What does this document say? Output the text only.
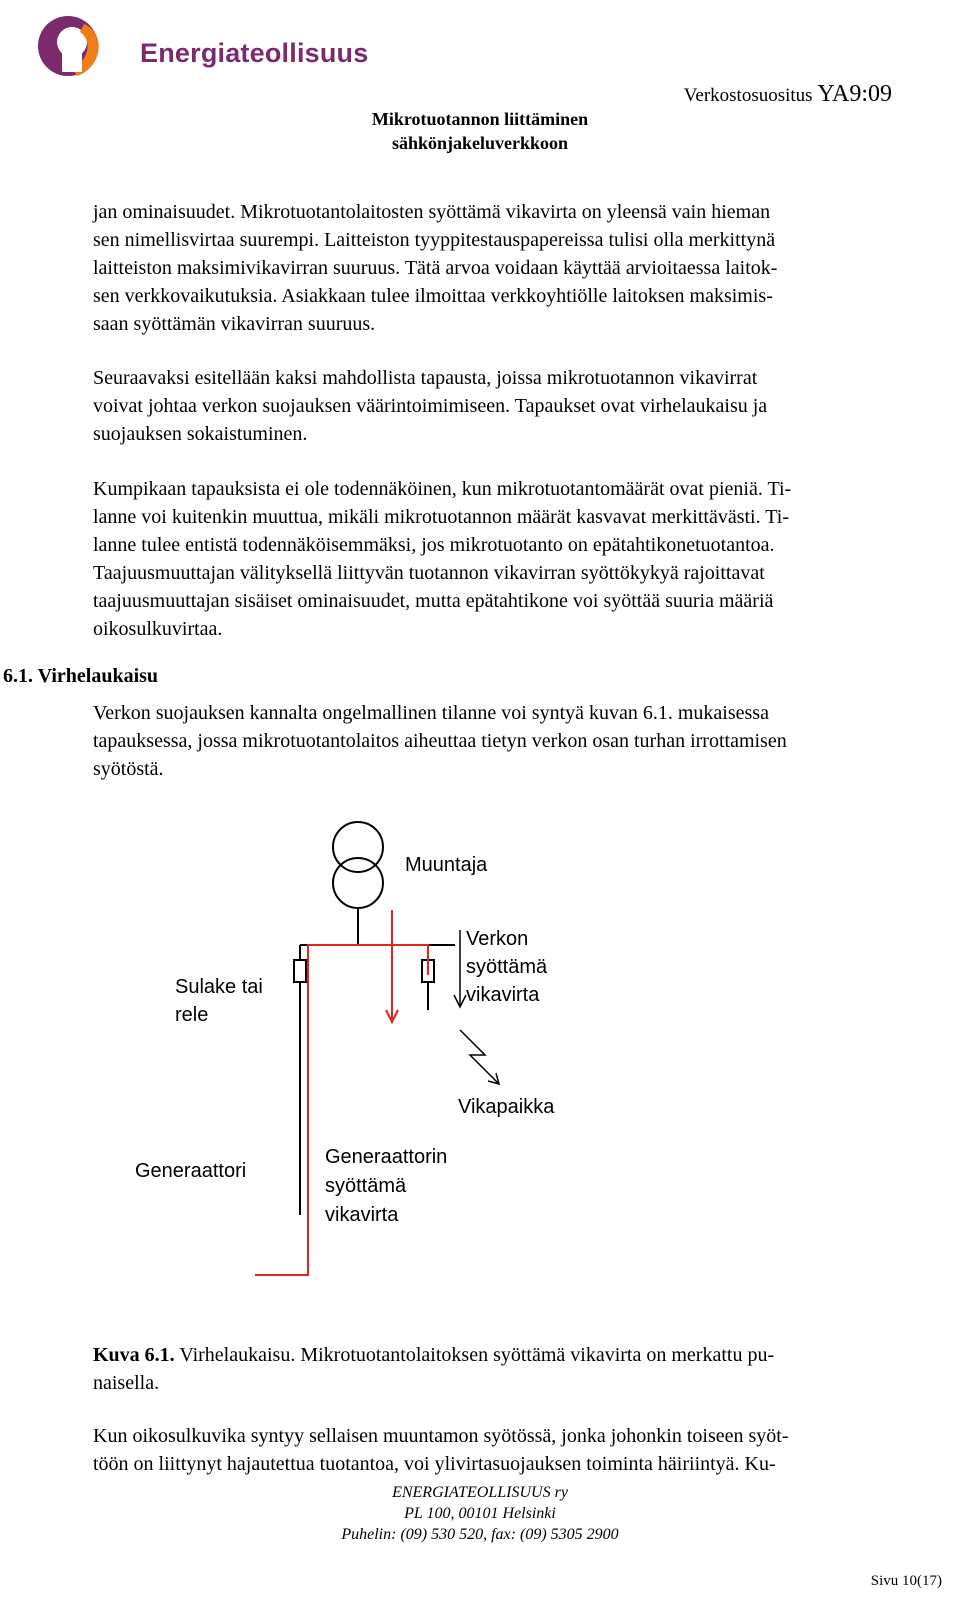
Energiateollisuus
Mikrotuotannon liittäminen
sähkönjakeluverkkoon
Verkostosuositus YA9:09

jan ominaisuudet. Mikrotuotantolaitosten syöttämä vikavirta on yleensä vain hieman

sen nimellisvirtaa suurempi. Laitteiston tyyppitestauspapereissa tulisi olla merkittynä

laitteiston maksimivikavirran suuruus. Tätä arvoa voidaan käyttää arvioitaessa laitok-

sen verkkovaikutuksia. Asiakkaan tulee ilmoittaa verkkoyhtiölle laitoksen maksimis-

saan syöttämän vikavirran suuruus.

Seuraavaksi esitellään kaksi mahdollista tapausta, joissa mikrotuotannon vikavirrat

voivat johtaa verkon suojauksen väärintoimimiseen. Tapaukset ovat virhelaukaisu ja

suojauksen sokaistuminen.

Kumpikaan tapauksista ei ole todennäköinen, kun mikrotuotantomäärät ovat pieniä. Ti-

lanne voi kuitenkin muuttua, mikäli mikrotuotannon määrät kasvavat merkittävästi. Ti-

lanne tulee entistä todennäköisemmäksi, jos mikrotuotanto on epätahtikonetuotantoa.

Taajuusmuuttajan välityksellä liittyvän tuotannon vikavirran syöttökykyä rajoittavat

taajuusmuuttajan sisäiset ominaisuudet, mutta epätahtikone voi syöttää suuria määriä

oikosulkuvirtaa.

6.1. Virhelaukaisu

Verkon suojauksen kannalta ongelmallinen tilanne voi syntyä kuvan 6.1. mukaisessa

tapauksessa, jossa mikrotuotantolaitos aiheuttaa tietyn verkon osan turhan irrottamisen

syötöstä.

Muuntaja
Verkon
syöttämä
vikavirta
Sulake tai
rele
Vikapaikka
Generaattori
Generaattorin
syöttämä
vikavirta
Kuva 6.1. Virhelaukaisu. Mikrotuotantolaitoksen syöttämä vikavirta on merkattu pu-
naisella.

Kun oikosulkuvika syntyy sellaisen muuntamon syötössä, jonka johonkin toiseen syöt-

töön on liittynyt hajautettua tuotantoa, voi ylivirtasuojauksen toiminta häiriintyä. Ku-

ENERGIATEOLLISUUS ry
PL 100, 00101 Helsinki
Puhelin: (09) 530 520, fax: (09) 5305 2900
Sivu 10(17)
